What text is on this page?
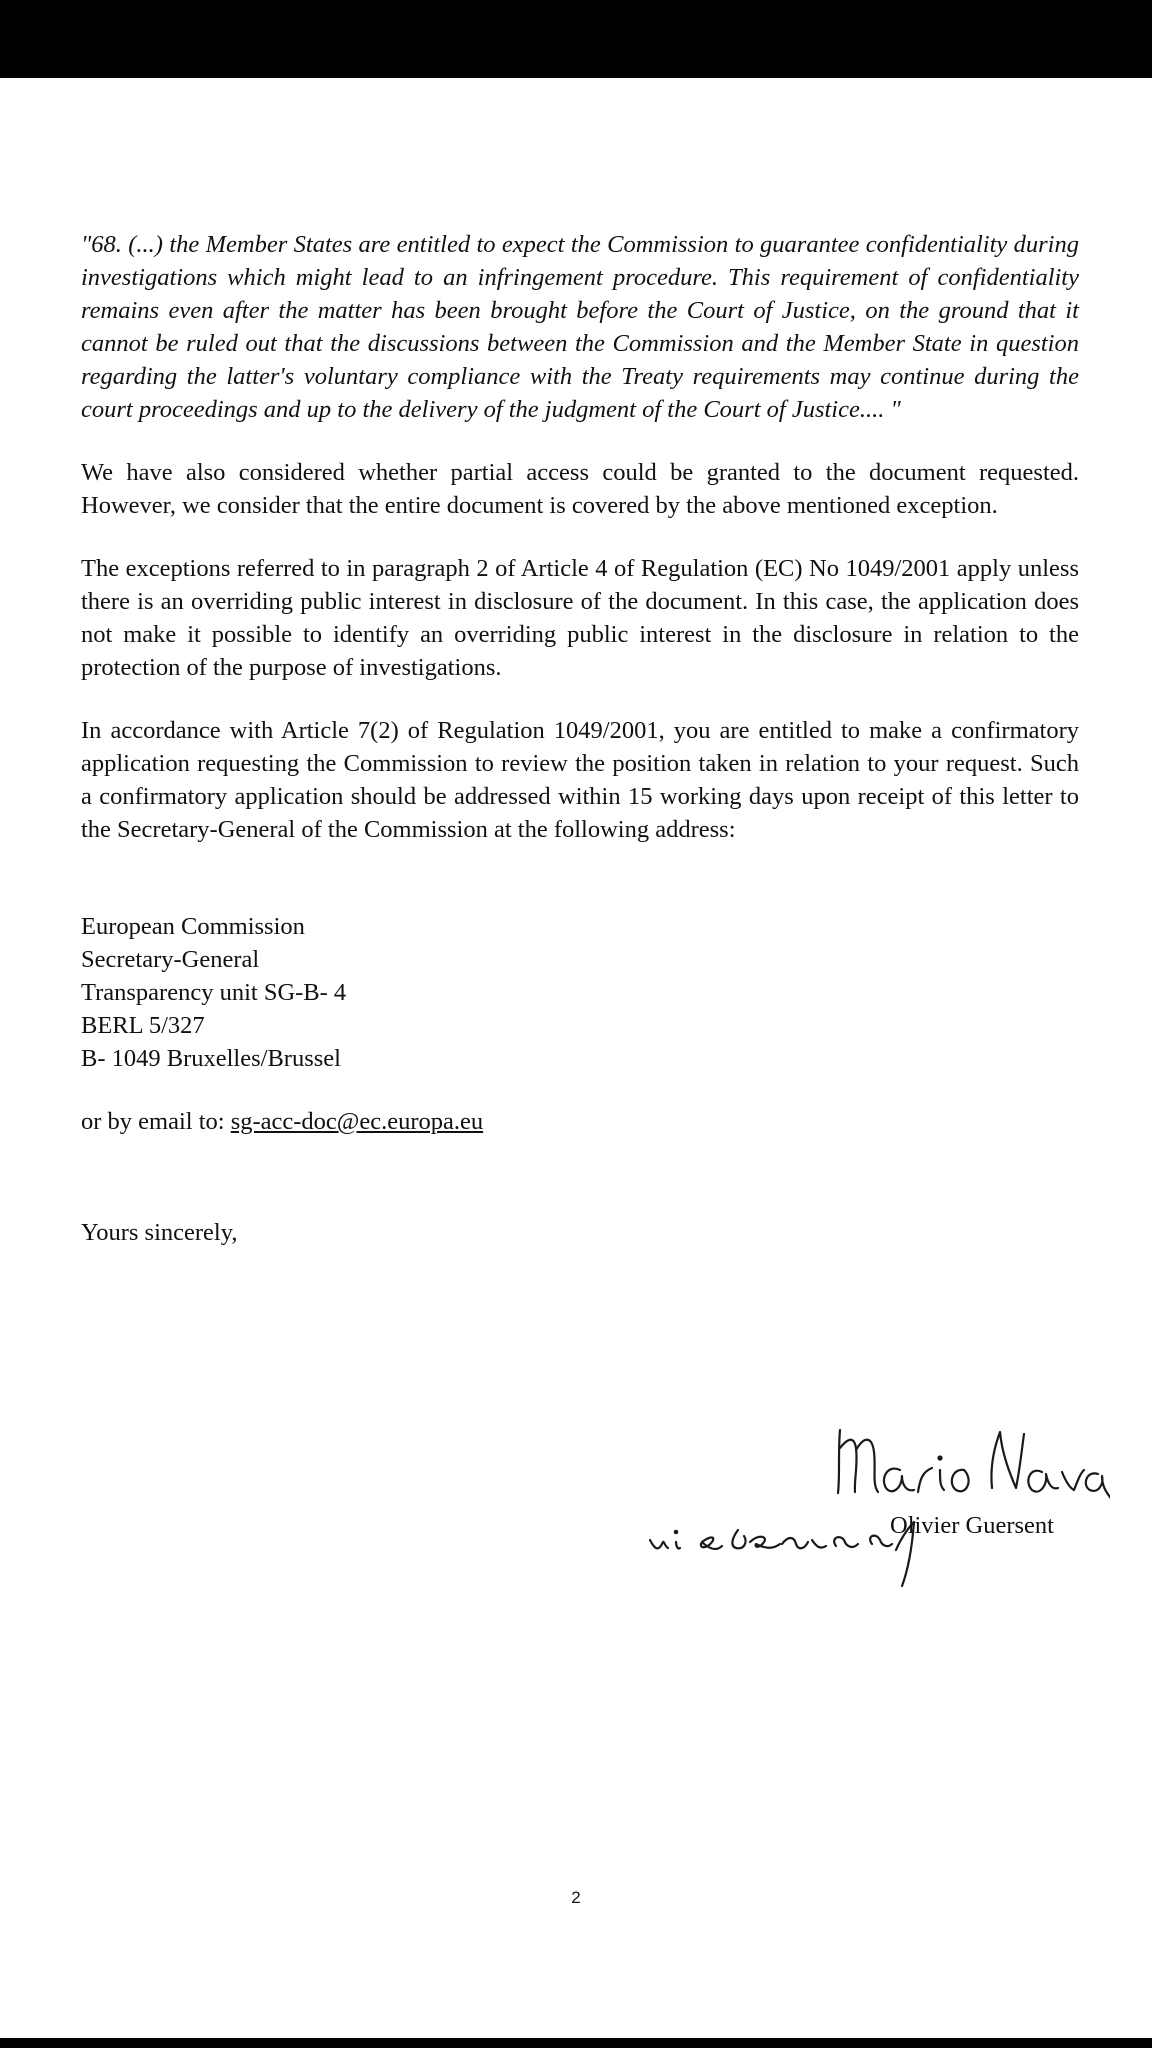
"68. (...) the Member States are entitled to expect the Commission to guarantee confidentiality during investigations which might lead to an infringement procedure. This requirement of confidentiality remains even after the matter has been brought before the Court of Justice, on the ground that it cannot be ruled out that the discussions between the Commission and the Member State in question regarding the latter's voluntary compliance with the Treaty requirements may continue during the court proceedings and up to the delivery of the judgment of the Court of Justice.... "

We have also considered whether partial access could be granted to the document requested. However, we consider that the entire document is covered by the above mentioned exception.

The exceptions referred to in paragraph 2 of Article 4 of Regulation (EC) No 1049/2001 apply unless there is an overriding public interest in disclosure of the document. In this case, the application does not make it possible to identify an overriding public interest in the disclosure in relation to the protection of the purpose of investigations.

In accordance with Article 7(2) of Regulation 1049/2001, you are entitled to make a confirmatory application requesting the Commission to review the position taken in relation to your request. Such a confirmatory application should be addressed within 15 working days upon receipt of this letter to the Secretary-General of the Commission at the following address:

European Commission
Secretary-General
Transparency unit SG-B- 4
BERL 5/327
B- 1049 Bruxelles/Brussel

or by email to: sg-acc-doc@ec.europa.eu

Yours sincerely,

Olivier Guersent
2
